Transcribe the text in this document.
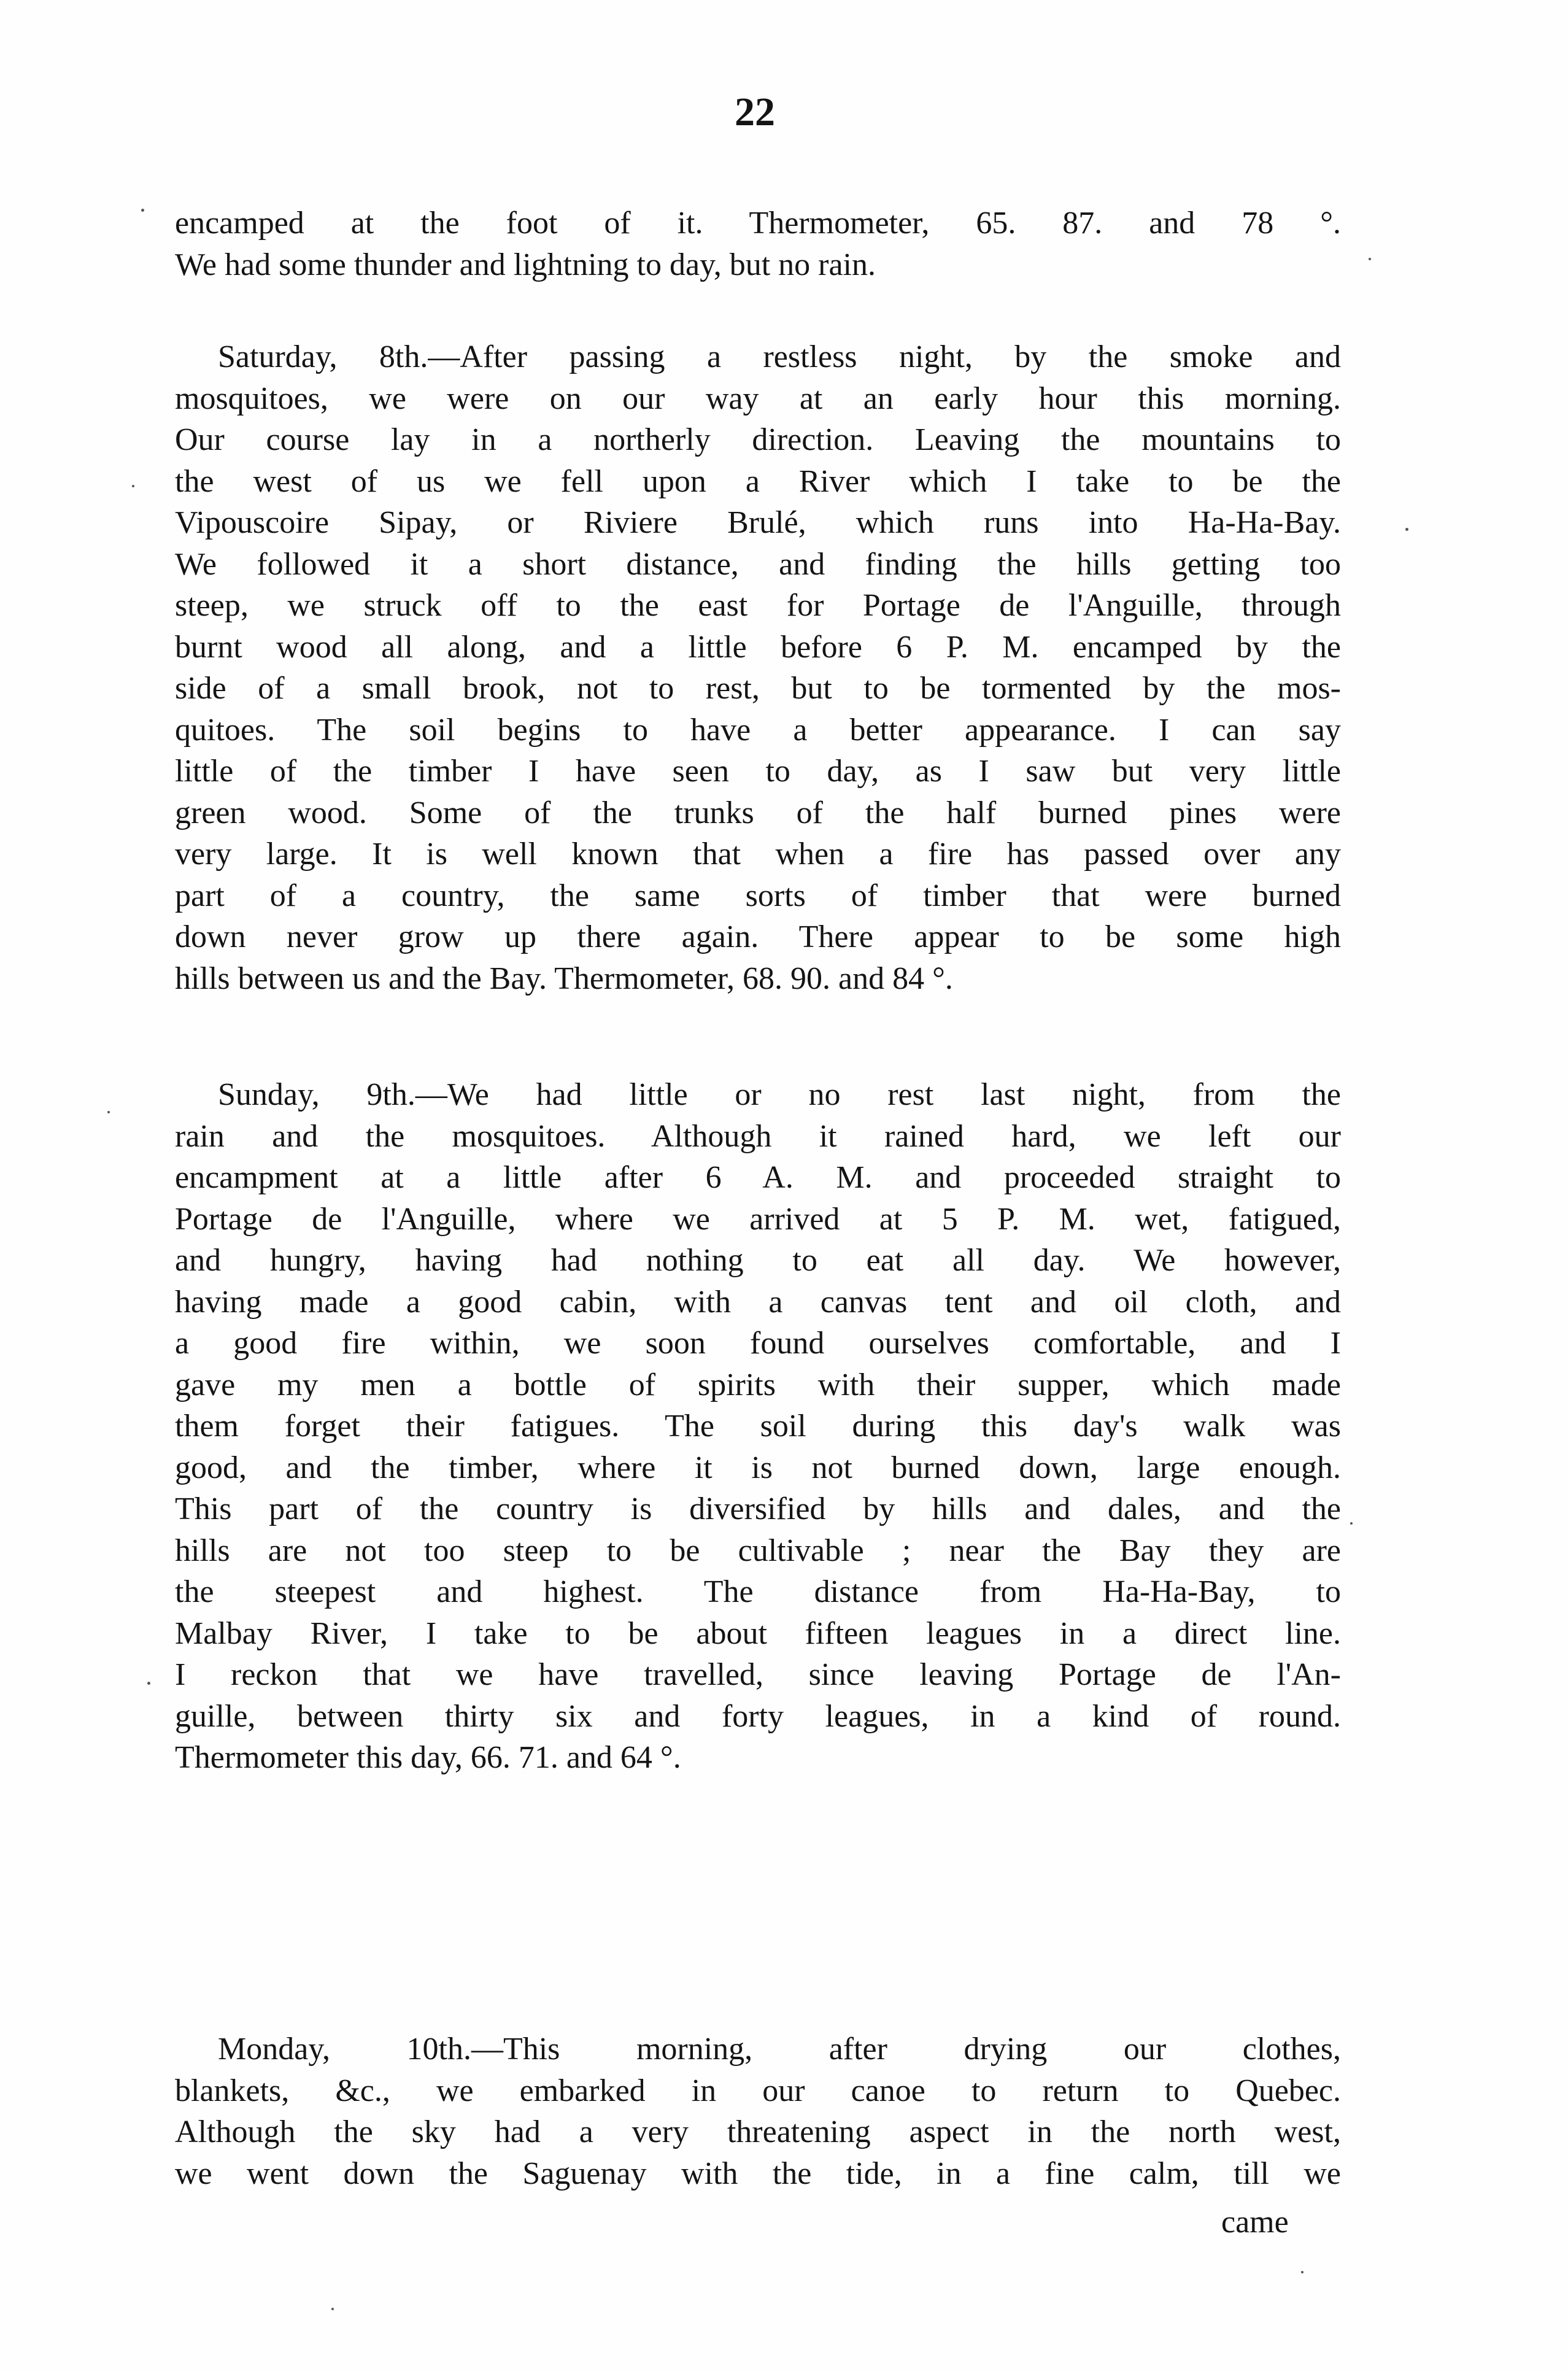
22
encamped at the foot of it. Thermometer, 65. 87. and 78 °.
We had some thunder and lightning to day, but no rain.
Saturday, 8th.—After passing a restless night, by the smoke and
mosquitoes, we were on our way at an early hour this morning.
Our course lay in a northerly direction. Leaving the mountains to
the west of us we fell upon a River which I take to be the
Vipouscoire Sipay, or Riviere Brulé, which runs into Ha-Ha-Bay.
We followed it a short distance, and finding the hills getting too
steep, we struck off to the east for Portage de l'Anguille, through
burnt wood all along, and a little before 6 P. M. encamped by the
side of a small brook, not to rest, but to be tormented by the mos-
quitoes. The soil begins to have a better appearance. I can say
little of the timber I have seen to day, as I saw but very little
green wood. Some of the trunks of the half burned pines were
very large. It is well known that when a fire has passed over any
part of a country, the same sorts of timber that were burned
down never grow up there again. There appear to be some high
hills between us and the Bay. Thermometer, 68. 90. and 84 °.
Sunday, 9th.—We had little or no rest last night, from the
rain and the mosquitoes. Although it rained hard, we left our
encampment at a little after 6 A. M. and proceeded straight to
Portage de l'Anguille, where we arrived at 5 P. M. wet, fatigued,
and hungry, having had nothing to eat all day. We however,
having made a good cabin, with a canvas tent and oil cloth, and
a good fire within, we soon found ourselves comfortable, and I
gave my men a bottle of spirits with their supper, which made
them forget their fatigues. The soil during this day's walk was
good, and the timber, where it is not burned down, large enough.
This part of the country is diversified by hills and dales, and the
hills are not too steep to be cultivable ; near the Bay they are
the steepest and highest. The distance from Ha-Ha-Bay, to
Malbay River, I take to be about fifteen leagues in a direct line.
I reckon that we have travelled, since leaving Portage de l'An-
guille, between thirty six and forty leagues, in a kind of round.
Thermometer this day, 66. 71. and 64 °.
Monday, 10th.—This morning, after drying our clothes,
blankets, &c., we embarked in our canoe to return to Quebec.
Although the sky had a very threatening aspect in the north west,
we went down the Saguenay with the tide, in a fine calm, till we
came
